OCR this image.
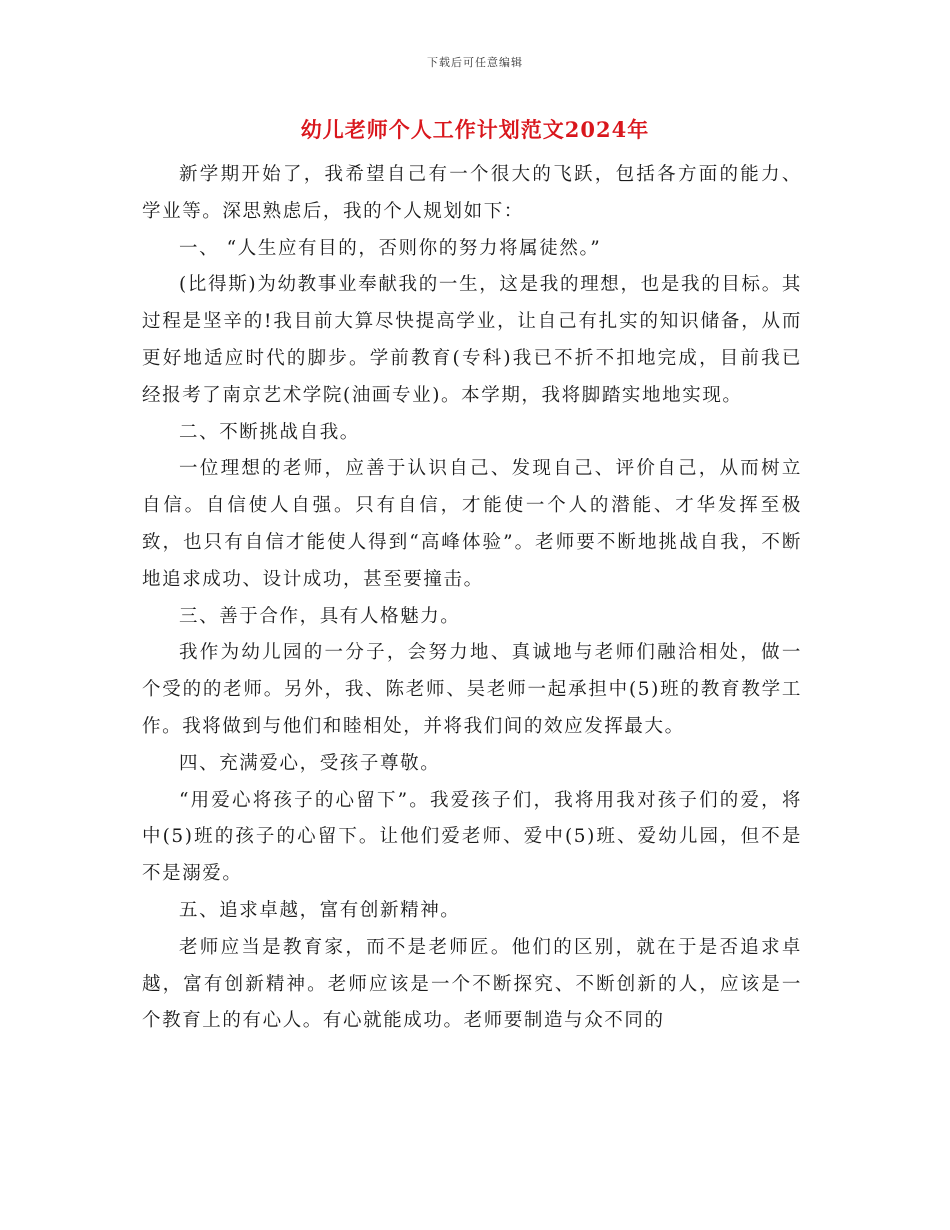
下载后可任意编辑
幼儿老师个人工作计划范文2024年

新学期开始了，我希望自己有一个很大的飞跃，包括各方面的能力、学业等。深思熟虑后，我的个人规划如下：

一、 “人生应有目的，否则你的努力将属徒然。”

(比得斯)为幼教事业奉献我的一生，这是我的理想，也是我的目标。其过程是坚辛的!我目前大算尽快提高学业，让自己有扎实的知识储备，从而更好地适应时代的脚步。学前教育(专科)我已不折不扣地完成，目前我已经报考了南京艺术学院(油画专业)。本学期，我将脚踏实地地实现。

二、不断挑战自我。

一位理想的老师，应善于认识自己、发现自己、评价自己，从而树立自信。自信使人自强。只有自信，才能使一个人的潜能、才华发挥至极致，也只有自信才能使人得到“高峰体验”。老师要不断地挑战自我，不断地追求成功、设计成功，甚至要撞击。

三、善于合作，具有人格魅力。

我作为幼儿园的一分子，会努力地、真诚地与老师们融洽相处，做一个受的的老师。另外，我、陈老师、吴老师一起承担中(5)班的教育教学工作。我将做到与他们和睦相处，并将我们间的效应发挥最大。

四、充满爱心，受孩子尊敬。

“用爱心将孩子的心留下”。我爱孩子们，我将用我对孩子们的爱，将中(5)班的孩子的心留下。让他们爱老师、爱中(5)班、爱幼儿园，但不是不是溺爱。

五、追求卓越，富有创新精神。

老师应当是教育家，而不是老师匠。他们的区别，就在于是否追求卓越，富有创新精神。老师应该是一个不断探究、不断创新的人，应该是一个教育上的有心人。有心就能成功。老师要制造与众不同的
